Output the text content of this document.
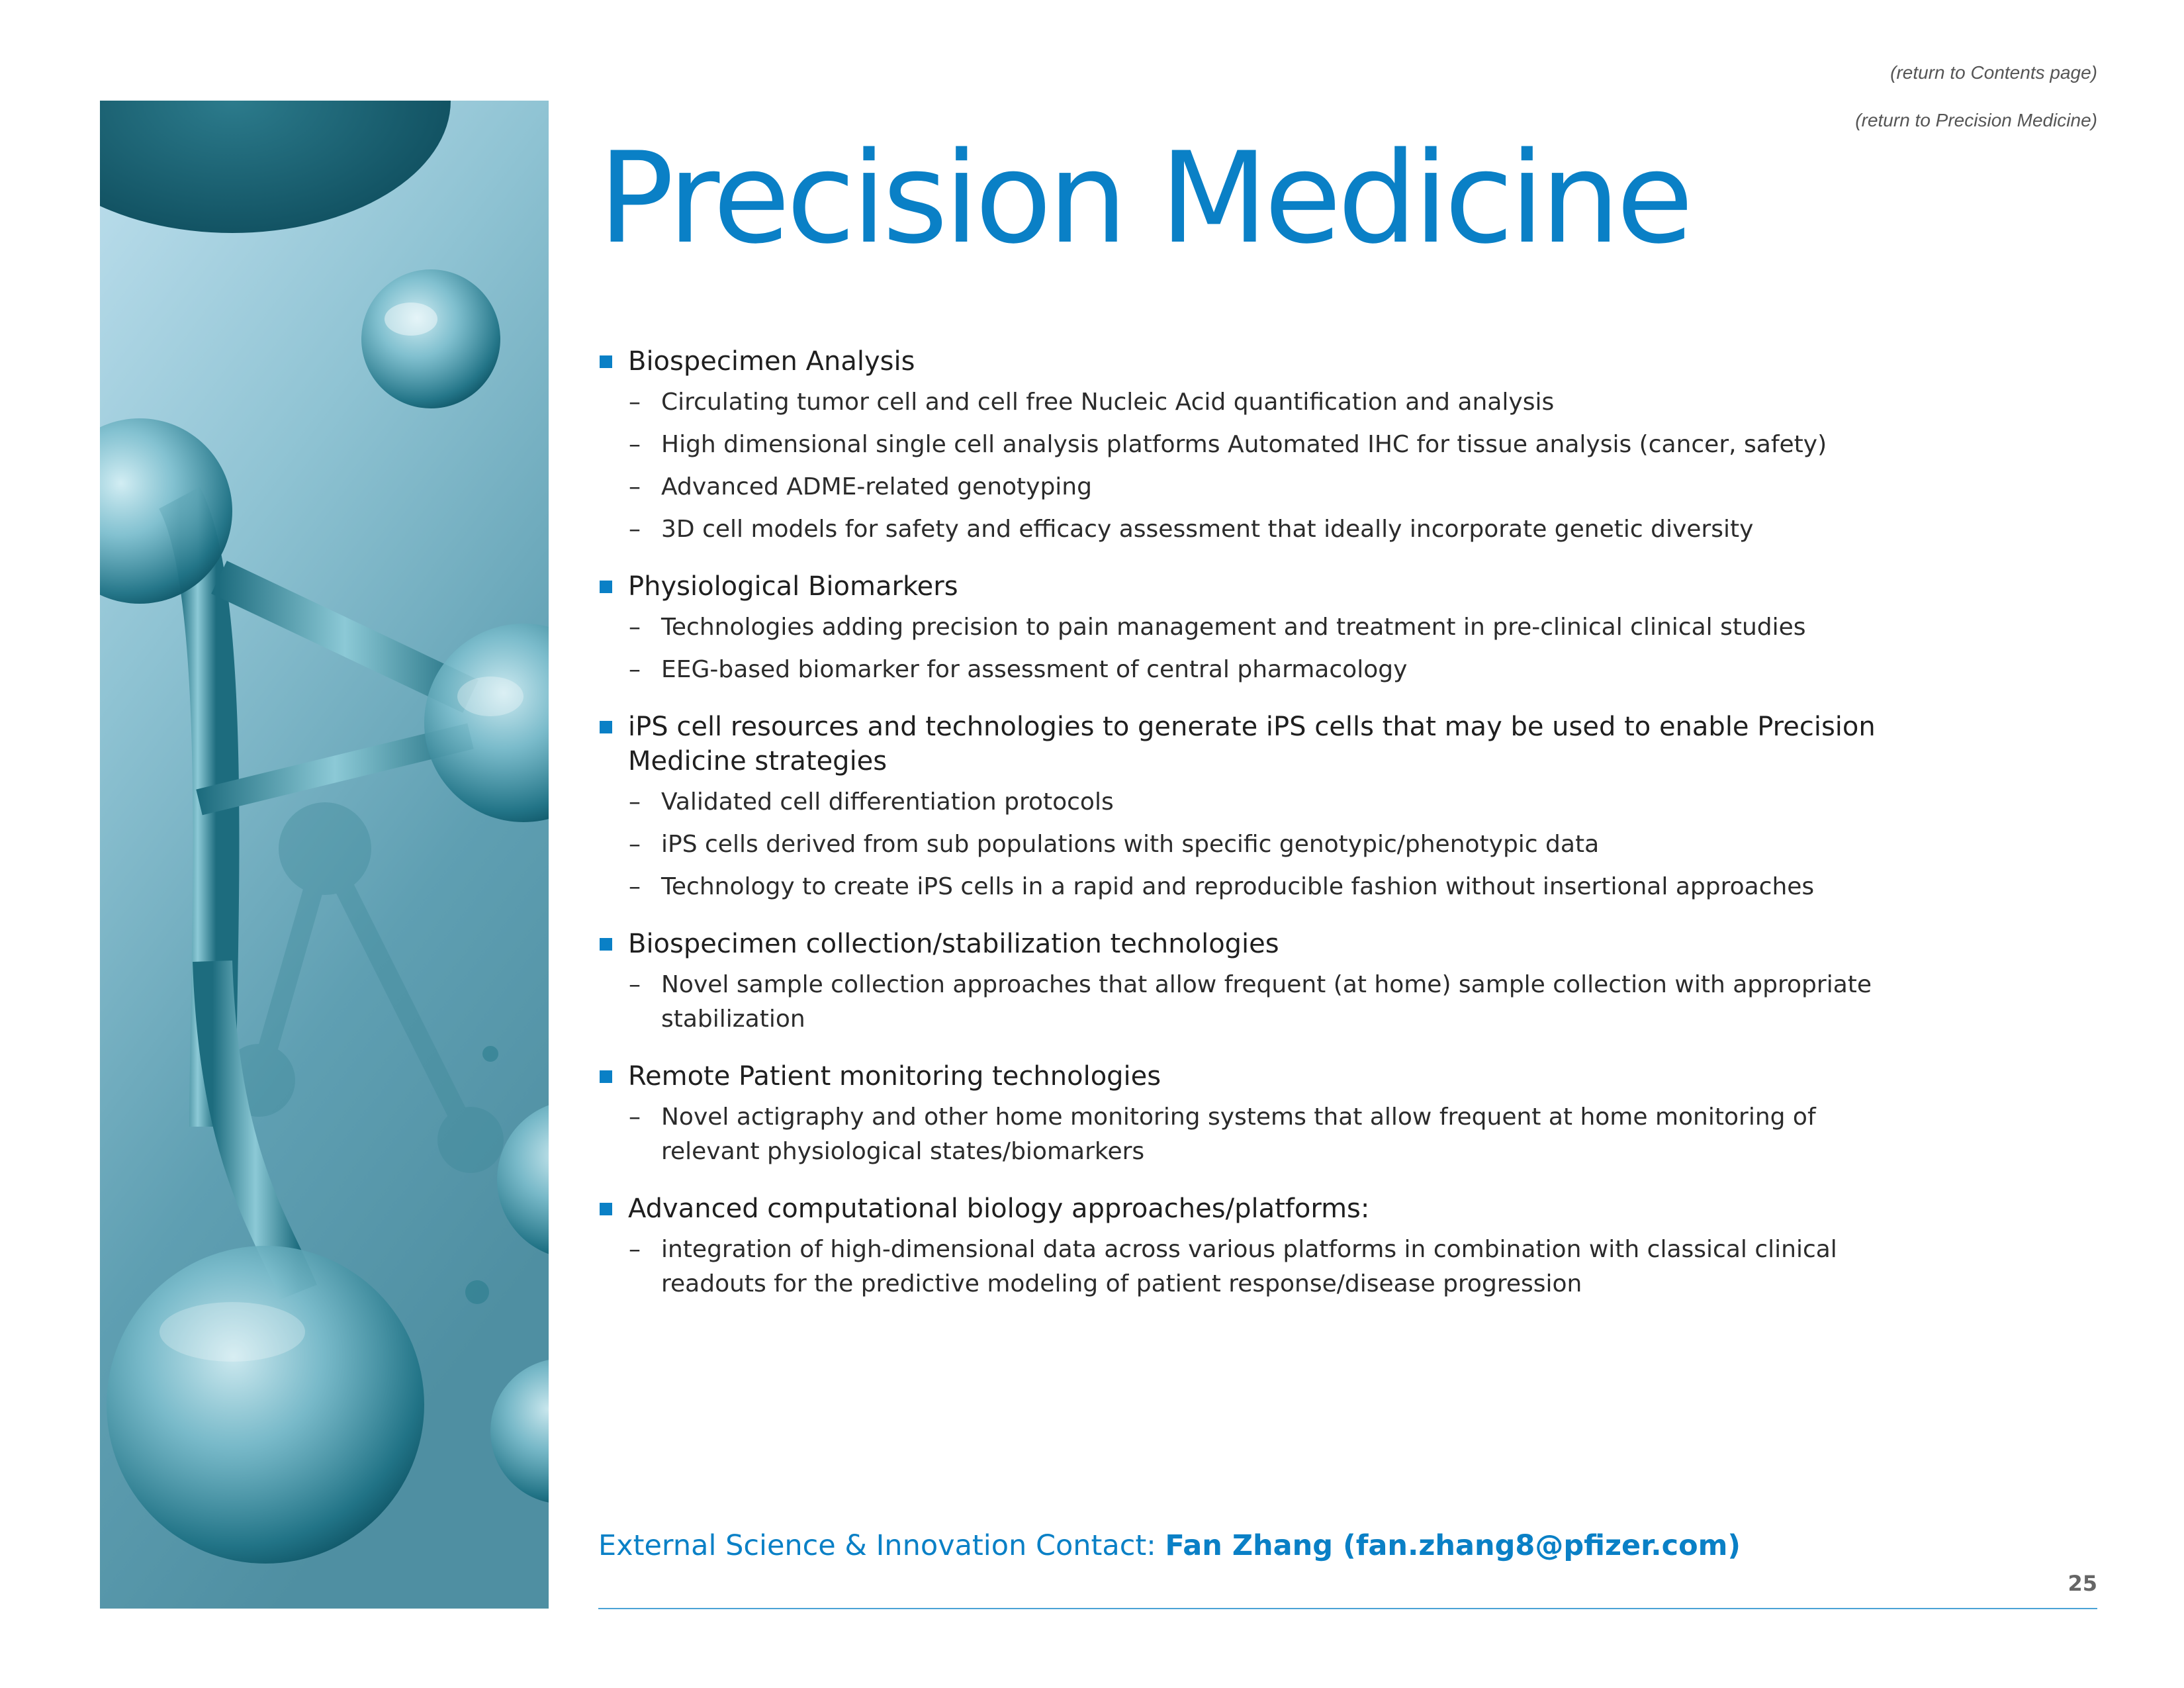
(return to Contents page)
(return to Precision Medicine)
Precision Medicine
Biospecimen Analysis
– Circulating tumor cell and cell free Nucleic Acid quantification and analysis
– High dimensional single cell analysis platforms Automated IHC for tissue analysis (cancer, safety)
– Advanced ADME-related genotyping
– 3D cell models for safety and efficacy assessment that ideally incorporate genetic diversity
Physiological Biomarkers
– Technologies adding precision to pain management and treatment in pre-clinical clinical studies
– EEG-based biomarker for assessment of central pharmacology
iPS cell resources and technologies to generate iPS cells that may be used to enable Precision Medicine strategies
– Validated cell differentiation protocols
– iPS cells derived from sub populations with specific genotypic/phenotypic data
– Technology to create iPS cells in a rapid and reproducible fashion without insertional approaches
Biospecimen collection/stabilization technologies
– Novel sample collection approaches that allow frequent (at home) sample collection with appropriate stabilization
Remote Patient monitoring technologies
– Novel actigraphy and other home monitoring systems that allow frequent at home monitoring of relevant physiological states/biomarkers
Advanced computational biology approaches/platforms:
– integration of high-dimensional data across various platforms in combination with classical clinical readouts for the predictive modeling of patient response/disease progression
External Science & Innovation Contact: Fan Zhang (fan.zhang8@pfizer.com)
25
